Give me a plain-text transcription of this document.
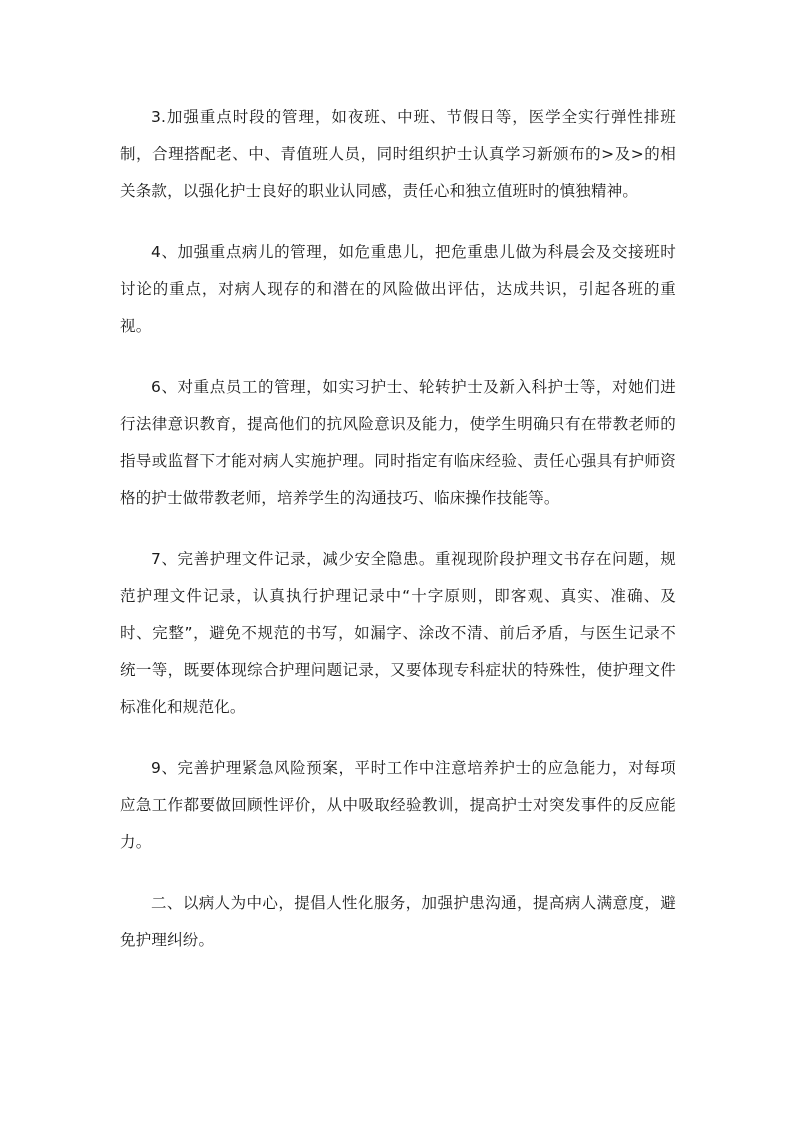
3.加强重点时段的管理，如夜班、中班、节假日等，医学全实行弹性排班制，合理搭配老、中、青值班人员，同时组织护士认真学习新颁布的>及>的相关条款，以强化护士良好的职业认同感，责任心和独立值班时的慎独精神。

4、加强重点病儿的管理，如危重患儿，把危重患儿做为科晨会及交接班时讨论的重点，对病人现存的和潜在的风险做出评估，达成共识，引起各班的重视。

6、对重点员工的管理，如实习护士、轮转护士及新入科护士等，对她们进行法律意识教育，提高他们的抗风险意识及能力，使学生明确只有在带教老师的指导或监督下才能对病人实施护理。同时指定有临床经验、责任心强具有护师资格的护士做带教老师，培养学生的沟通技巧、临床操作技能等。

7、完善护理文件记录，减少安全隐患。重视现阶段护理文书存在问题，规范护理文件记录，认真执行护理记录中“十字原则，即客观、真实、准确、及时、完整”，避免不规范的书写，如漏字、涂改不清、前后矛盾，与医生记录不统一等，既要体现综合护理问题记录，又要体现专科症状的特殊性，使护理文件标准化和规范化。

9、完善护理紧急风险预案，平时工作中注意培养护士的应急能力，对每项应急工作都要做回顾性评价，从中吸取经验教训，提高护士对突发事件的反应能力。

二、以病人为中心，提倡人性化服务，加强护患沟通，提高病人满意度，避免护理纠纷。
